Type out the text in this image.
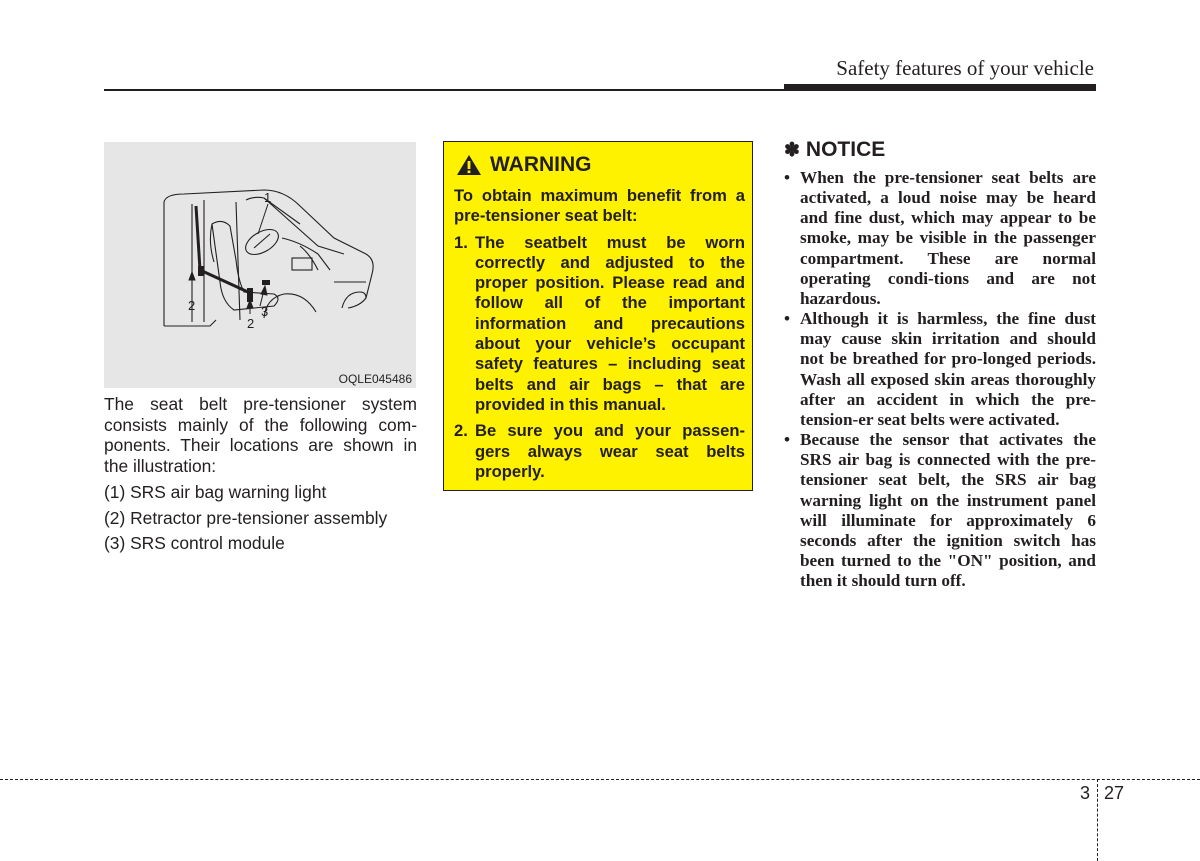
Safety features of your vehicle
1
2
2
3
OQLE045486

The seat belt pre-tensioner system consists mainly of the following com-ponents. Their locations are shown in the illustration:

(1) SRS air bag warning light
(2) Retractor pre-tensioner assembly
(3) SRS control module
WARNING

To obtain maximum benefit from a pre-tensioner seat belt:

1. The seatbelt must be worn correctly and adjusted to the proper position. Please read and follow all of the important information and precautions about your vehicle’s occupant safety features – including seat belts and air bags – that are provided in this manual.
2. Be sure you and your passen-gers always wear seat belts properly.
✽ NOTICE
• When the pre-tensioner seat belts are activated, a loud noise may be heard and fine dust, which may appear to be smoke, may be visible in the passenger compartment. These are normal operating condi-tions and are not hazardous.
• Although it is harmless, the fine dust may cause skin irritation and should not be breathed for pro-longed periods. Wash all exposed skin areas thoroughly after an accident in which the pre-tension-er seat belts were activated.
• Because the sensor that activates the SRS air bag is connected with the pre-tensioner seat belt, the SRS air bag warning light on the instrument panel will illuminate for approximately 6 seconds after the ignition switch has been turned to the "ON" position, and then it should turn off.
3 27
